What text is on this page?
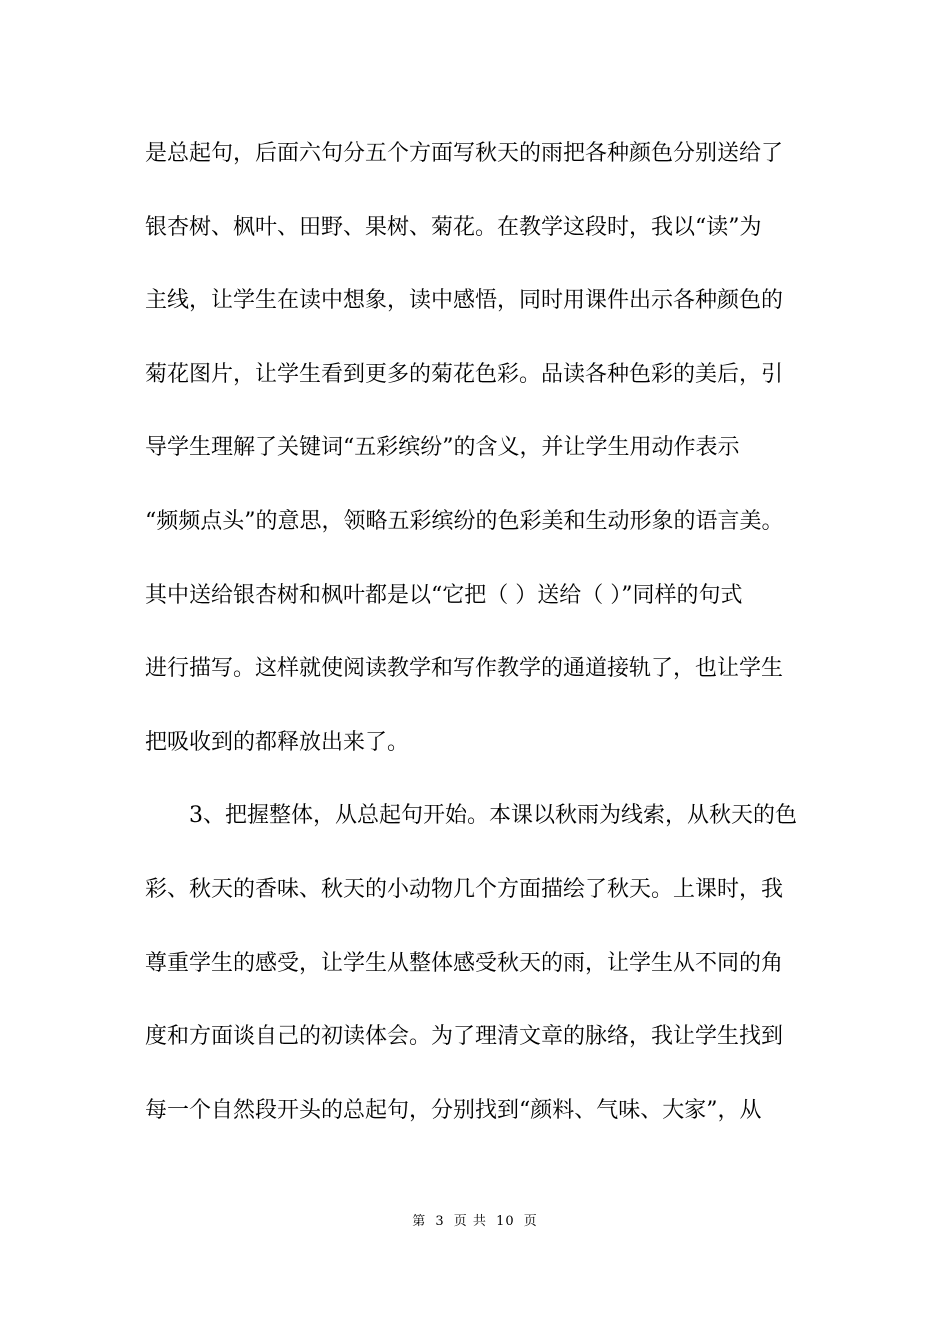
是总起句，后面六句分五个方面写秋天的雨把各种颜色分别送给了
银杏树、枫叶、田野、果树、菊花。在教学这段时，我以“读”为
主线，让学生在读中想象，读中感悟，同时用课件出示各种颜色的
菊花图片，让学生看到更多的菊花色彩。品读各种色彩的美后，引
导学生理解了关键词“五彩缤纷”的含义，并让学生用动作表示
“频频点头”的意思，领略五彩缤纷的色彩美和生动形象的语言美。
其中送给银杏树和枫叶都是以“它把（ ）送给（ ）”同样的句式
进行描写。这样就使阅读教学和写作教学的通道接轨了，也让学生
把吸收到的都释放出来了。
3、把握整体，从总起句开始。本课以秋雨为线索，从秋天的色
彩、秋天的香味、秋天的小动物几个方面描绘了秋天。上课时，我
尊重学生的感受，让学生从整体感受秋天的雨，让学生从不同的角
度和方面谈自己的初读体会。为了理清文章的脉络，我让学生找到
每一个自然段开头的总起句，分别找到“颜料、气味、大家”，从
第 3 页 共 10 页
